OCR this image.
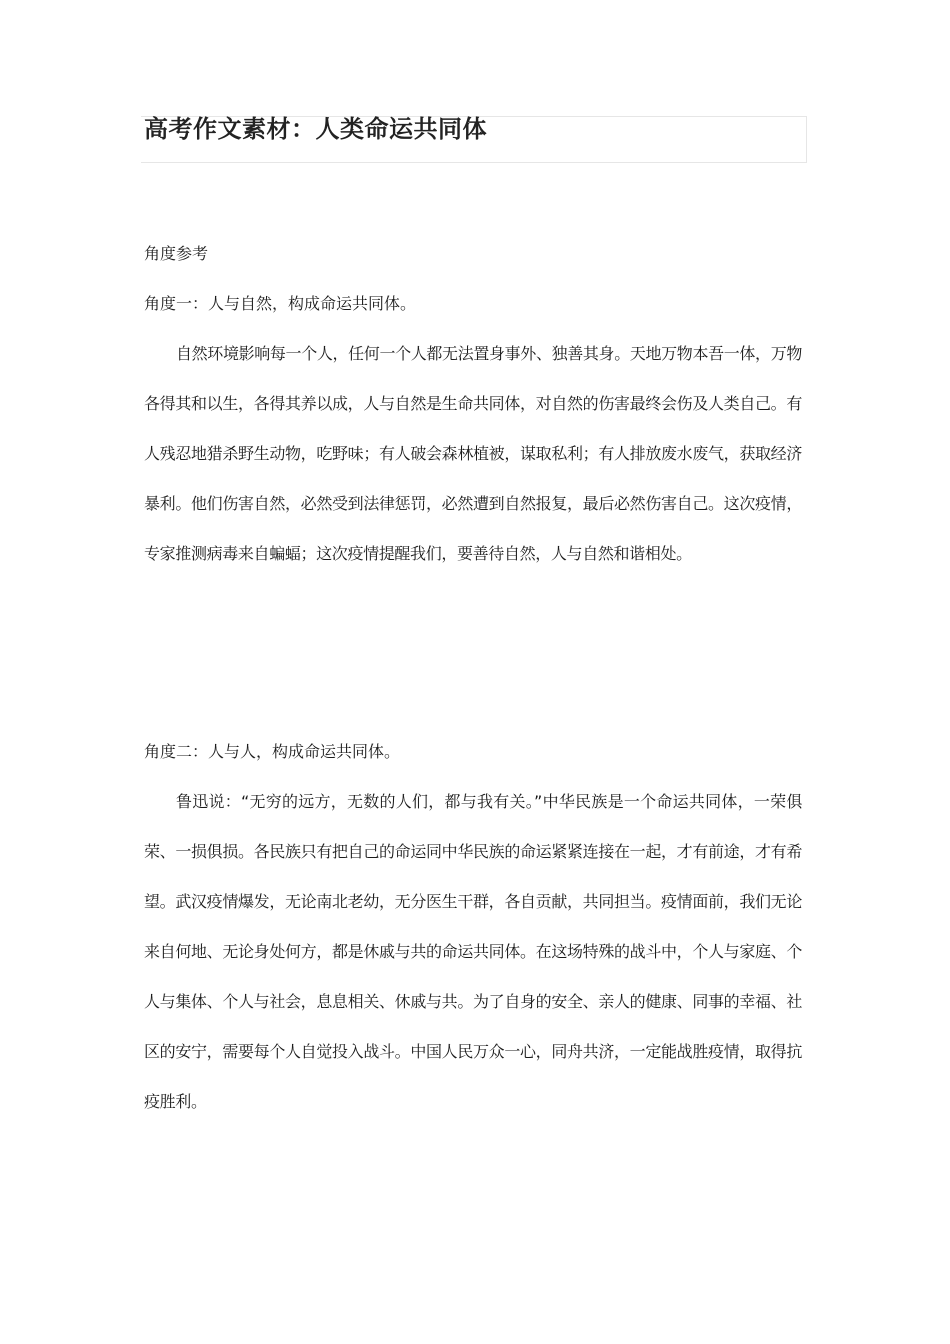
高考作文素材：人类命运共同体

角度参考

角度一：人与自然，构成命运共同体。

自然环境影响每一个人，任何一个人都无法置身事外、独善其身。天地万物本吾一体，万物各得其和以生，各得其养以成，人与自然是生命共同体，对自然的伤害最终会伤及人类自己。有人残忍地猎杀野生动物，吃野味；有人破会森林植被，谋取私利；有人排放废水废气，获取经济暴利。他们伤害自然，必然受到法律惩罚，必然遭到自然报复，最后必然伤害自己。这次疫情，专家推测病毒来自蝙蝠；这次疫情提醒我们，要善待自然，人与自然和谐相处。

角度二：人与人，构成命运共同体。

鲁迅说：“无穷的远方，无数的人们，都与我有关。”中华民族是一个命运共同体，一荣俱荣、一损俱损。各民族只有把自己的命运同中华民族的命运紧紧连接在一起，才有前途，才有希望。武汉疫情爆发，无论南北老幼，无分医生干群，各自贡献，共同担当。疫情面前，我们无论来自何地、无论身处何方，都是休戚与共的命运共同体。在这场特殊的战斗中，个人与家庭、个人与集体、个人与社会，息息相关、休戚与共。为了自身的安全、亲人的健康、同事的幸福、社区的安宁，需要每个人自觉投入战斗。中国人民万众一心，同舟共济，一定能战胜疫情，取得抗疫胜利。
